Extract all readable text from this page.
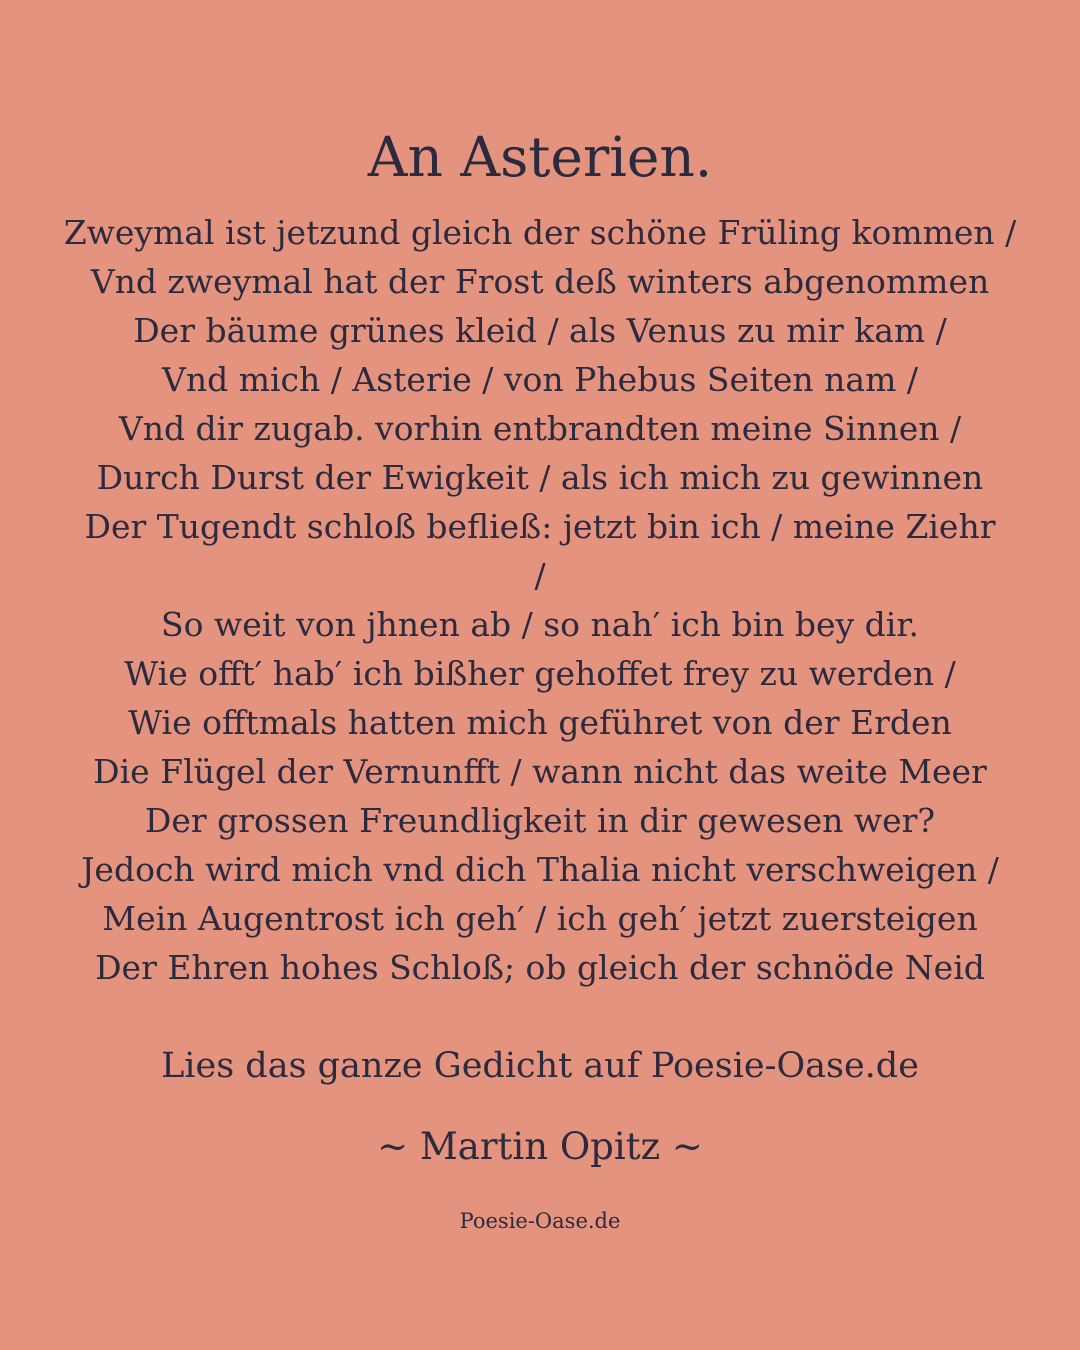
An Asterien.
Zweymal ist jetzund gleich der schöne Früling kommen /
Vnd zweymal hat der Frost deß winters abgenommen
Der bäume grünes kleid / als Venus zu mir kam /
Vnd mich / Asterie / von Phebus Seiten nam /
Vnd dir zugab. vorhin entbrandten meine Sinnen /
Durch Durst der Ewigkeit / als ich mich zu gewinnen
Der Tugendt schloß befließ: jetzt bin ich / meine Ziehr
/
So weit von jhnen ab / so nah′ ich bin bey dir.
Wie offt′ hab′ ich bißher gehoffet frey zu werden /
Wie offtmals hatten mich geführet von der Erden
Die Flügel der Vernunfft / wann nicht das weite Meer
Der grossen Freundligkeit in dir gewesen wer?
Jedoch wird mich vnd dich Thalia nicht verschweigen /
Mein Augentrost ich geh′ / ich geh′ jetzt zuersteigen
Der Ehren hohes Schloß; ob gleich der schnöde Neid
Lies das ganze Gedicht auf Poesie-Oase.de
~ Martin Opitz ~
Poesie-Oase.de
